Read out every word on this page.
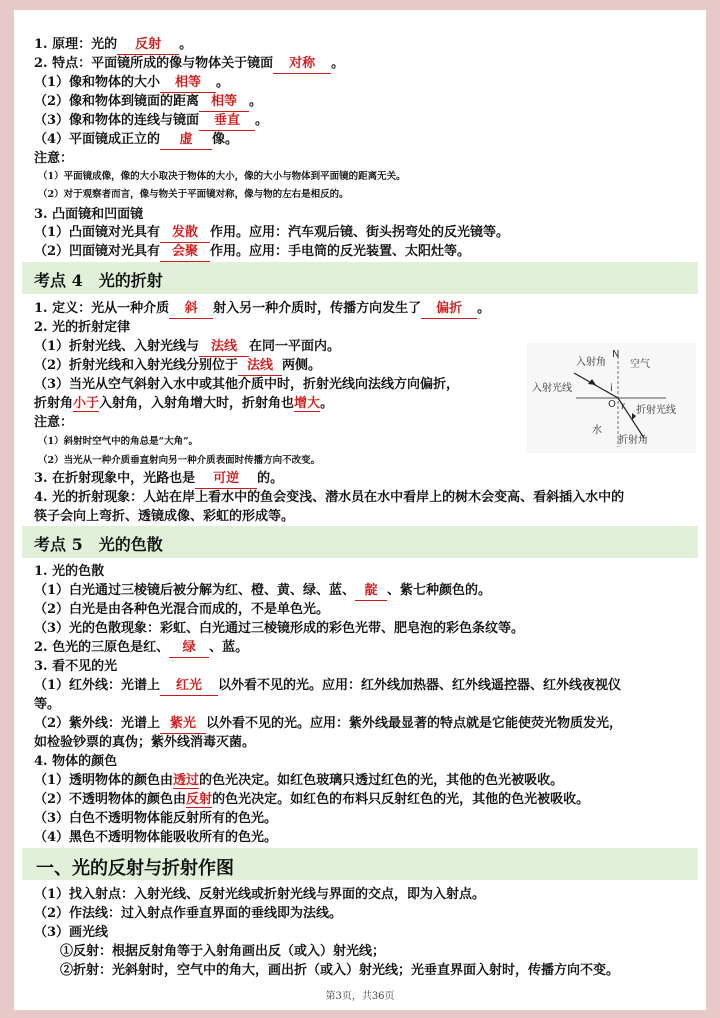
1. 原理：光的 反射 。
2. 特点：平面镜所成的像与物体关于镜面 对称 。
（1）像和物体的大小 相等 。
（2）像和物体到镜面的距离 相等 。
（3）像和物体的连线与镜面 垂直 。
（4）平面镜成正立的 虚 像。
注意：
（1）平面镜成像，像的大小取决于物体的大小，像的大小与物体到平面镜的距离无关。
（2）对于观察者而言，像与物关于平面镜对称，像与物的左右是相反的。
3. 凸面镜和凹面镜
（1）凸面镜对光具有 发散 作用。应用：汽车观后镜、街头拐弯处的反光镜等。
（2）凹面镜对光具有 会聚 作用。应用：手电筒的反光装置、太阳灶等。
考点 4　光的折射
1. 定义：光从一种介质 斜 射入另一种介质时，传播方向发生了 偏折 。
2. 光的折射定律
（1）折射光线、入射光线与 法线 在同一平面内。
（2）折射光线和入射光线分别位于 法线 两侧。
（3）当光从空气斜射入水中或其他介质中时，折射光线向法线方向偏折，
折射角小于入射角，入射角增大时，折射角也增大。
注意：
（1）斜射时空气中的角总是“大角”。
（2）当光从一种介质垂直射向另一种介质表面时传播方向不改变。
3. 在折射现象中，光路也是 可逆 的。
4. 光的折射现象：人站在岸上看水中的鱼会变浅、潜水员在水中看岸上的树木会变高、看斜插入水中的
筷子会向上弯折、透镜成像、彩虹的形成等。
N
空气
入射角
入射光线	i
O r 折射光线
水
折射角
考点 5　光的色散
1. 光的色散
（1）白光通过三棱镜后被分解为红、橙、黄、绿、蓝、 靛 、紫七种颜色的。
（2）白光是由各种色光混合而成的，不是单色光。
（3）光的色散现象：彩虹、白光通过三棱镜形成的彩色光带、肥皂泡的彩色条纹等。
2. 色光的三原色是红、 绿 、蓝。
3. 看不见的光
（1）红外线：光谱上 红光 以外看不见的光。应用：红外线加热器、红外线遥控器、红外线夜视仪
等。
（2）紫外线：光谱上 紫光 以外看不见的光。应用：紫外线最显著的特点就是它能使荧光物质发光，
如检验钞票的真伪；紫外线消毒灭菌。
4. 物体的颜色
（1）透明物体的颜色由透过的色光决定。如红色玻璃只透过红色的光，其他的色光被吸收。
（2）不透明物体的颜色由反射的色光决定。如红色的布料只反射红色的光，其他的色光被吸收。
（3）白色不透明物体能反射所有的色光。
（4）黑色不透明物体能吸收所有的色光。
一、光的反射与折射作图
（1）找入射点：入射光线、反射光线或折射光线与界面的交点，即为入射点。
（2）作法线：过入射点作垂直界面的垂线即为法线。
（3）画光线
①反射：根据反射角等于入射角画出反（或入）射光线；
②折射：光斜射时，空气中的角大，画出折（或入）射光线；光垂直界面入射时，传播方向不变。
第3页，共36页
